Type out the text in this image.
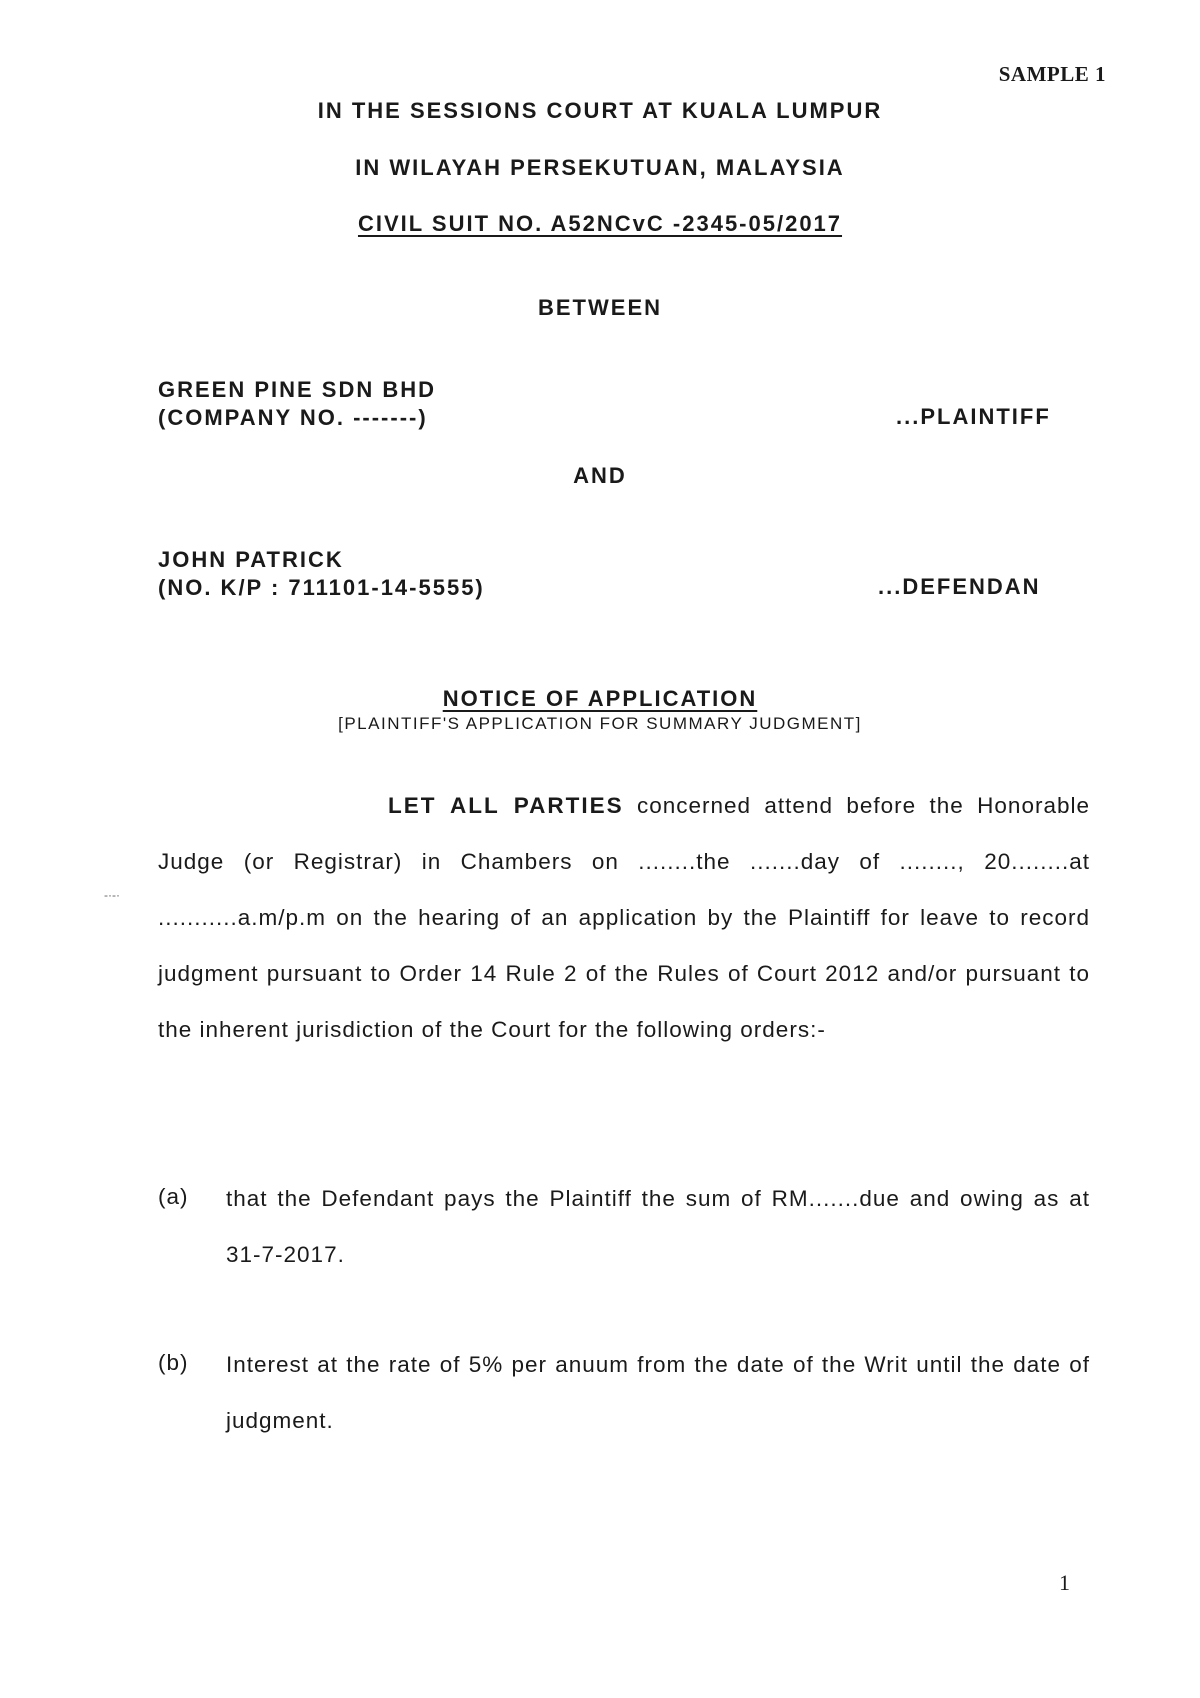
SAMPLE 1
IN THE SESSIONS COURT AT KUALA LUMPUR
IN WILAYAH PERSEKUTUAN, MALAYSIA
CIVIL SUIT NO. A52NCvC -2345-05/2017
BETWEEN
GREEN PINE SDN BHD
(COMPANY NO. -------)	...PLAINTIFF
AND
JOHN PATRICK
(NO. K/P : 711101-14-5555)	...DEFENDAN
NOTICE OF APPLICATION
[PLAINTIFF'S APPLICATION FOR SUMMARY JUDGMENT]
-·-·
LET ALL PARTIES concerned attend before the Honorable Judge (or Registrar) in Chambers on ........the .......day of ........, 20........at ...........a.m/p.m on the hearing of an application by the Plaintiff for leave to record judgment pursuant to Order 14 Rule 2 of the Rules of Court 2012 and/or pursuant to the inherent jurisdiction of the Court for the following orders:-
(a) that the Defendant pays the Plaintiff the sum of RM.......due and owing as at 31-7-2017.
(b) Interest at the rate of 5% per anuum from the date of the Writ until the date of judgment.
1
